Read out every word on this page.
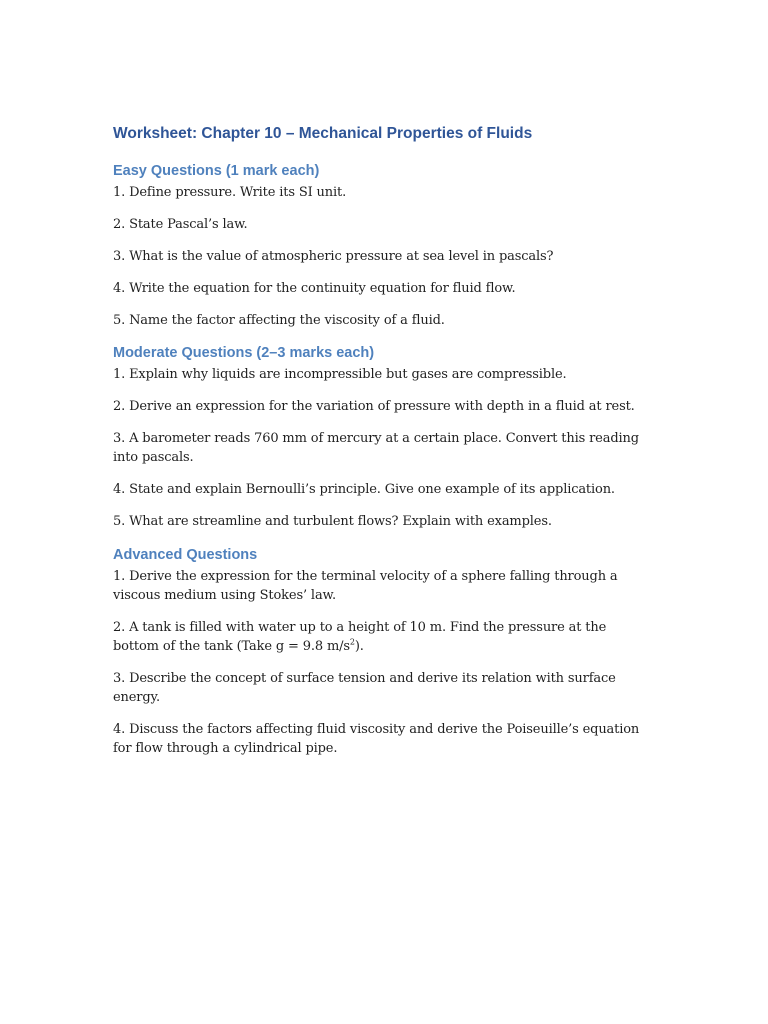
Worksheet: Chapter 10 – Mechanical Properties of Fluids
Easy Questions (1 mark each)
1. Define pressure. Write its SI unit.
2. State Pascal’s law.
3. What is the value of atmospheric pressure at sea level in pascals?
4. Write the equation for the continuity equation for fluid flow.
5. Name the factor affecting the viscosity of a fluid.
Moderate Questions (2–3 marks each)
1. Explain why liquids are incompressible but gases are compressible.
2. Derive an expression for the variation of pressure with depth in a fluid at rest.
3. A barometer reads 760 mm of mercury at a certain place. Convert this reading into pascals.
4. State and explain Bernoulli’s principle. Give one example of its application.
5. What are streamline and turbulent flows? Explain with examples.
Advanced Questions
1. Derive the expression for the terminal velocity of a sphere falling through a viscous medium using Stokes’ law.
2. A tank is filled with water up to a height of 10 m. Find the pressure at the bottom of the tank (Take g = 9.8 $m/s^2$).
3. Describe the concept of surface tension and derive its relation with surface energy.
4. Discuss the factors affecting fluid viscosity and derive the Poiseuille’s equation for flow through a cylindrical pipe.
